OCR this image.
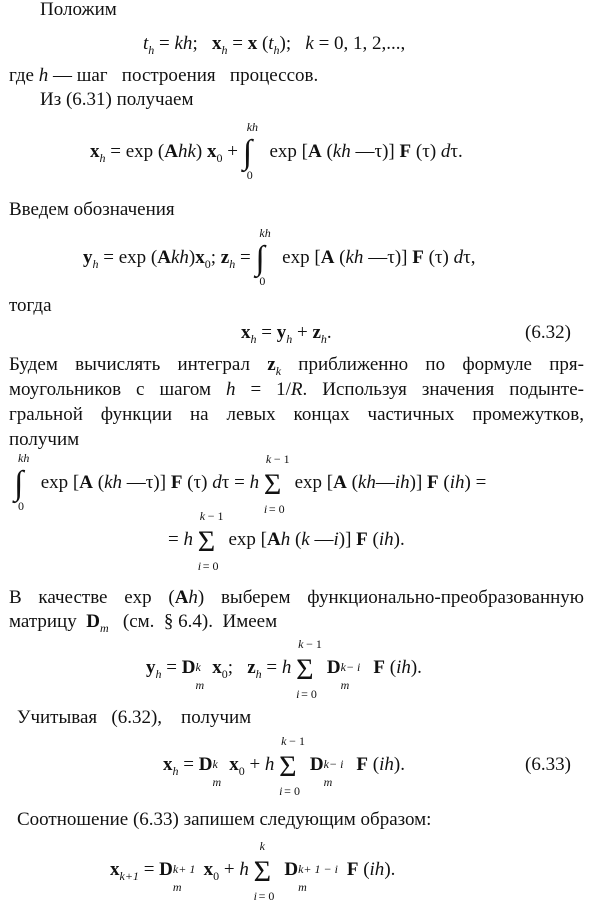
Положим
$t_h$ = kh;   $x_h = x$ $(t_h)$;   k = 0, 1, 2,...,
где h — шаг   построения   процессов.
Из (6.31) получаем
$x_h = \exp (Ahk) x_0$ + ∫
kh
0
exp [A (kh —τ)] F (τ) dτ.
Введем обозначения
$y_h = \exp (Akh)x_0$; $z_h$ = ∫
kh
0
exp [A (kh —τ)] F (τ) dτ,
тогда
$x_h = y_h + z_h$.	(6.32)
Будем вычислять интеграл $z_k$ приближенно по формуле пря-
моугольников с шагом h = 1/R. Используя значения подынте-
гральной функции на левых концах частичных промежутков,
получим
∫
kh
0
exp [A (kh —τ)] F (τ) dτ = h Σ
k − 1
i = 0
exp [A (kh—ih)] F (ih) =
= h Σ
k − 1
i = 0
exp [Ah (k —i)] F (ih).
В качестве exp (Ah) выберем функционально-преобразованную
матрицу  $D_m$   (см.  § 6.4).  Имеем
$y_h = D$ k
m
$x_0$;   $z_h = h$ Σ
k − 1
i = 0
D k− i
m
F (ih).
Учитывая   (6.32),    получим
$x_h = D$ k
m
$x_0 + h$ Σ
k − 1
i = 0
D k− i
m
F (ih).	(6.33)
Соотношение (6.33) запишем следующим образом:
$x_{k+1} = D$ k+ 1
m
$x_0 + h$ Σ
k
i = 0
D k+ 1 − i
m
F (ih).
